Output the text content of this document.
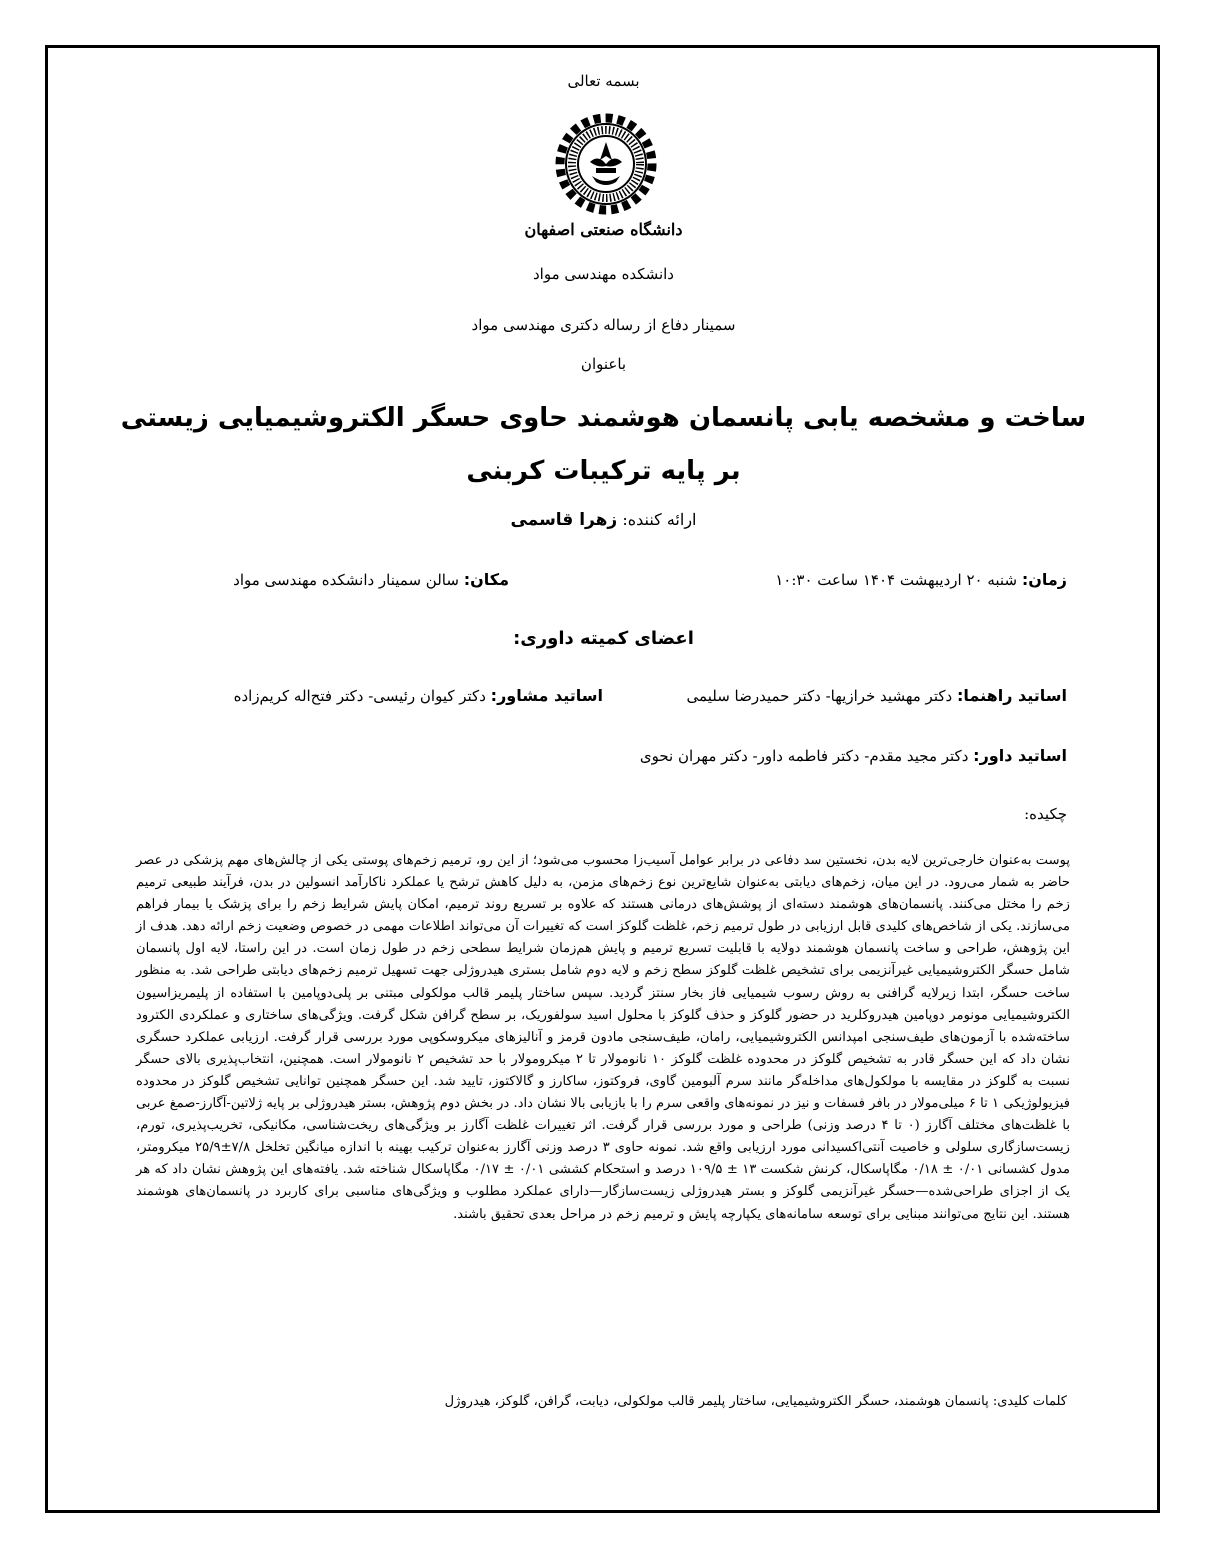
بسمه تعالی
دانشگاه صنعتی اصفهان
دانشکده مهندسی مواد
سمینار دفاع از رساله دکتری مهندسی مواد
باعنوان
ساخت و مشخصه یابی پانسمان هوشمند حاوی حسگر الکتروشیمیایی زیستی
بر پایه ترکیبات کربنی
ارائه کننده: زهرا قاسمی
زمان: شنبه ۲۰ اردیبهشت ۱۴۰۴ ساعت ۱۰:۳۰
مکان: سالن سمینار دانشکده مهندسی مواد
اعضای کمیته داوری:
اساتید راهنما: دکتر مهشید خرازیها- دکتر حمیدرضا سلیمی
اساتید مشاور: دکتر کیوان رئیسی- دکتر فتح‌اله کریم‌زاده
اساتید داور: دکتر مجید مقدم- دکتر فاطمه داور- دکتر مهران نحوی
چکیده:
پوست به‌عنوان خارجی‌ترین لایه بدن، نخستین سد دفاعی در برابر عوامل آسیب‌زا محسوب می‌شود؛ از این رو، ترمیم زخم‌های پوستی یکی از چالش‌های مهم پزشکی در عصر حاضر به شمار می‌رود. در این میان، زخم‌های دیابتی به‌عنوان شایع‌ترین نوع زخم‌های مزمن، به دلیل کاهش ترشح یا عملکرد ناکارآمد انسولین در بدن، فرآیند طبیعی ترمیم زخم را مختل می‌کنند. پانسمان‌های هوشمند دسته‌ای از پوشش‌های درمانی هستند که علاوه بر تسریع روند ترمیم، امکان پایش شرایط زخم را برای پزشک یا بیمار فراهم می‌سازند. یکی از شاخص‌های کلیدی قابل ارزیابی در طول ترمیم زخم، غلظت گلوکز است که تغییرات آن می‌تواند اطلاعات مهمی در خصوص وضعیت زخم ارائه دهد. هدف از این پژوهش، طراحی و ساخت پانسمان هوشمند دولایه با قابلیت تسریع ترمیم و پایش هم‌زمان شرایط سطحی زخم در طول زمان است. در این راستا، لایه اول پانسمان شامل حسگر الکتروشیمیایی غیرآنزیمی برای تشخیص غلظت گلوکز سطح زخم و لایه دوم شامل بستری هیدروژلی جهت تسهیل ترمیم زخم‌های دیابتی طراحی شد. به منظور ساخت حسگر، ابتدا زیرلایه گرافنی به روش رسوب شیمیایی فاز بخار سنتز گردید. سپس ساختار پلیمر قالب مولکولی مبتنی بر پلی‌دوپامین با استفاده از پلیمریزاسیون الکتروشیمیایی مونومر دوپامین هیدروکلرید در حضور گلوکز و حذف گلوکز با محلول اسید سولفوریک، بر سطح گرافن شکل گرفت. ویژگی‌های ساختاری و عملکردی الکترود ساخته‌شده با آزمون‌های طیف‌سنجی امپدانس الکتروشیمیایی، رامان، طیف‌سنجی مادون قرمز و آنالیزهای میکروسکوپی مورد بررسی قرار گرفت. ارزیابی عملکرد حسگری نشان داد که این حسگر قادر به تشخیص گلوکز در محدوده غلظت گلوکز ۱۰ نانومولار تا ۲ میکرومولار با حد تشخیص ۲ نانومولار است. همچنین، انتخاب‌پذیری بالای حسگر نسبت به گلوکز در مقایسه با مولکول‌های مداخله‌گر مانند سرم آلبومین گاوی، فروکتوز، ساکارز و گالاکتوز، تایید شد. این حسگر همچنین توانایی تشخیص گلوکز در محدوده فیزیولوژیکی ۱ تا ۶ میلی‌مولار در بافر فسفات و نیز در نمونه‌های واقعی سرم را با بازیابی بالا نشان داد. در بخش دوم پژوهش، بستر هیدروژلی بر پایه ژلاتین-آگارز-صمغ عربی با غلظت‌های مختلف آگارز (۰ تا ۴ درصد وزنی) طراحی و مورد بررسی قرار گرفت. اثر تغییرات غلظت آگارز بر ویژگی‌های ریخت‌شناسی، مکانیکی، تخریب‌پذیری، تورم، زیست‌سازگاری سلولی و خاصیت آنتی‌اکسیدانی مورد ارزیابی واقع شد. نمونه حاوی ۳ درصد وزنی آگارز به‌عنوان ترکیب بهینه با اندازه میانگین تخلخل ۷/۸±۲۵/۹ میکرومتر، مدول کشسانی ۰/۰۱ ± ۰/۱۸ مگاپاسکال، کرنش شکست ۱۳ ± ۱۰۹/۵ درصد و استحکام کششی ۰/۰۱ ± ۰/۱۷ مگاپاسکال شناخته شد. یافته‌های این پژوهش نشان داد که هر یک از اجزای طراحی‌شده—حسگر غیرآنزیمی گلوکز و بستر هیدروژلی زیست‌سازگار—دارای عملکرد مطلوب و ویژگی‌های مناسبی برای کاربرد در پانسمان‌های هوشمند هستند. این نتایج می‌توانند مبنایی برای توسعه سامانه‌های یکپارچه پایش و ترمیم زخم در مراحل بعدی تحقیق باشند.
کلمات کلیدی: پانسمان هوشمند، حسگر الکتروشیمیایی، ساختار پلیمر قالب مولکولی، دیابت، گرافن، گلوکز، هیدروژل
